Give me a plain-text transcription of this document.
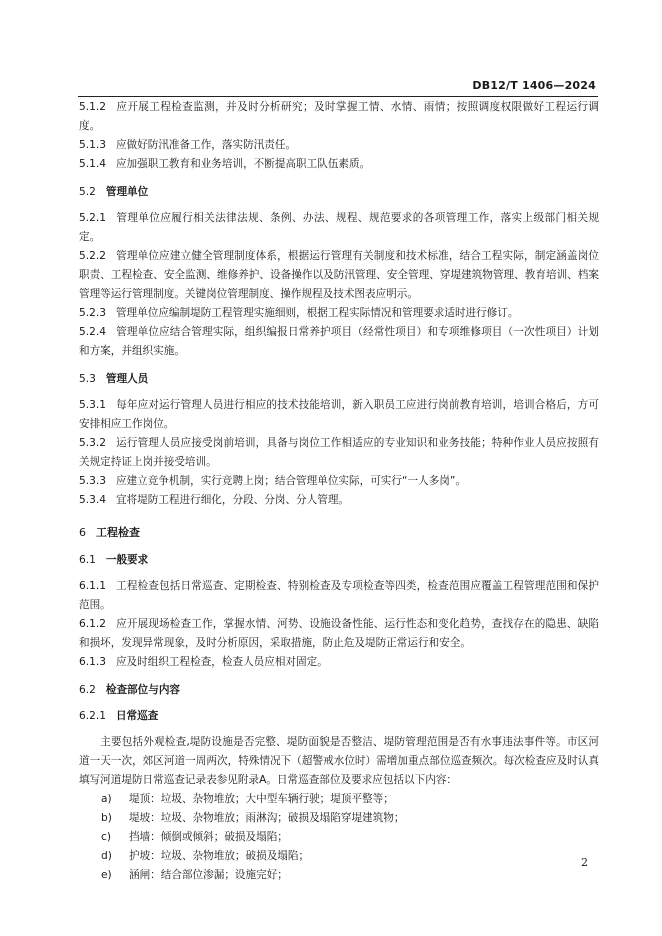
DB12/T 1406—2024

5.1.2 应开展工程检查监测，并及时分析研究；及时掌握工情、水情、雨情；按照调度权限做好工程运行调度。

5.1.3 应做好防汛准备工作，落实防汛责任。

5.1.4 应加强职工教育和业务培训，不断提高职工队伍素质。

5.2 管理单位

5.2.1 管理单位应履行相关法律法规、条例、办法、规程、规范要求的各项管理工作，落实上级部门相关规定。

5.2.2 管理单位应建立健全管理制度体系，根据运行管理有关制度和技术标准，结合工程实际，制定涵盖岗位职责、工程检查、安全监测、维修养护、设备操作以及防汛管理、安全管理、穿堤建筑物管理、教育培训、档案管理等运行管理制度。关键岗位管理制度、操作规程及技术图表应明示。

5.2.3 管理单位应编制堤防工程管理实施细则，根据工程实际情况和管理要求适时进行修订。

5.2.4 管理单位应结合管理实际，组织编报日常养护项目（经常性项目）和专项维修项目（一次性项目）计划和方案，并组织实施。

5.3 管理人员

5.3.1 每年应对运行管理人员进行相应的技术技能培训，新入职员工应进行岗前教育培训，培训合格后，方可安排相应工作岗位。

5.3.2 运行管理人员应接受岗前培训，具备与岗位工作相适应的专业知识和业务技能；特种作业人员应按照有关规定持证上岗并接受培训。

5.3.3 应建立竞争机制，实行竞聘上岗；结合管理单位实际，可实行“一人多岗”。

5.3.4 宜将堤防工程进行细化，分段、分岗、分人管理。

6 工程检查

6.1 一般要求

6.1.1 工程检查包括日常巡查、定期检查、特别检查及专项检查等四类，检查范围应覆盖工程管理范围和保护范围。

6.1.2 应开展现场检查工作，掌握水情、河势、设施设备性能、运行性态和变化趋势，查找存在的隐患、缺陷和损坏，发现异常现象，及时分析原因，采取措施，防止危及堤防正常运行和安全。

6.1.3 应及时组织工程检查，检查人员应相对固定。

6.2 检查部位与内容

6.2.1 日常巡查

主要包括外观检查,堤防设施是否完整、堤防面貌是否整洁、堤防管理范围是否有水事违法事件等。市区河道一天一次，郊区河道一周两次，特殊情况下（超警戒水位时）需增加重点部位巡查频次。每次检查应及时认真填写河道堤防日常巡查记录表参见附录A。日常巡查部位及要求应包括以下内容：

a)	堤顶：垃圾、杂物堆放；大中型车辆行驶；堤顶平整等；
b)	堤坡：垃圾、杂物堆放；雨淋沟；破损及塌陷穿堤建筑物；
c)	挡墙：倾倒或倾斜；破损及塌陷；
d)	护坡：垃圾、杂物堆放；破损及塌陷；
e)	涵闸：结合部位渗漏；设施完好；
2
